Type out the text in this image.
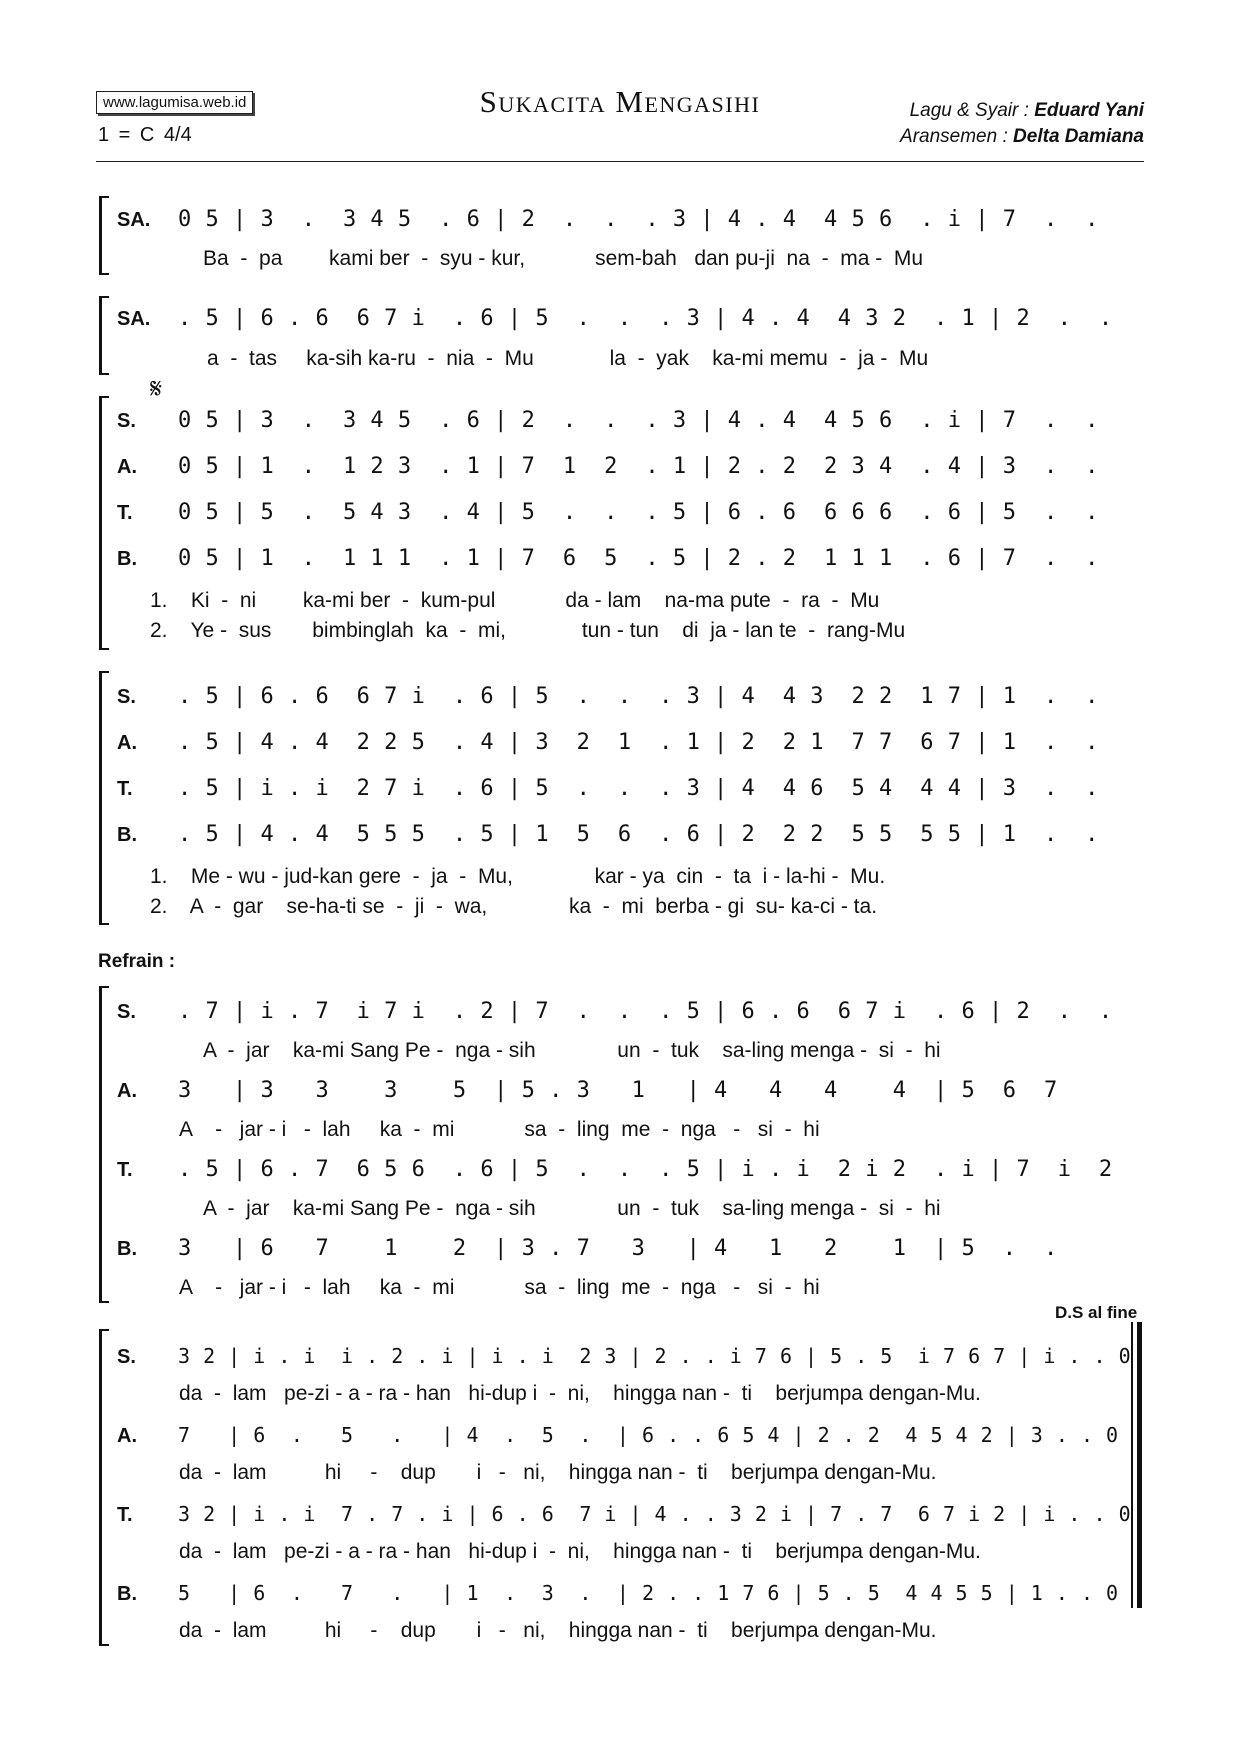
www.lagumisa.web.id
1 = C 4/4
Sukacita Mengasihi	Lagu & Syair : Eduard Yani
Aransemen : Delta Damiana
SA. 0 5 | 3  .  3 4 5  . 6 | 2  .  .  . 3 | 4 . 4  4 5 6  . i | 7  .  .
Ba  -  pa        kami ber  -  syu - kur,            sem-bah   dan pu-ji  na  -  ma -  Mu
SA. . 5 | 6 . 6  6 7 i  . 6 | 5  .  .  . 3 | 4 . 4  4 3 2  . 1 | 2  .  .
a  -  tas     ka-sih ka-ru  -  nia  -  Mu             la  -  yak    ka-mi memu  -  ja -  Mu
𝄋
S. 0 5 | 3  .  3 4 5  . 6 | 2  .  .  . 3 | 4 . 4  4 5 6  . i | 7  .  .
A. 0 5 | 1  .  1 2 3  . 1 | 7  1  2  . 1 | 2 . 2  2 3 4  . 4 | 3  .  .
T. 0 5 | 5  .  5 4 3  . 4 | 5  .  .  . 5 | 6 . 6  6 6 6  . 6 | 5  .  .
B. 0 5 | 1  .  1 1 1  . 1 | 7  6  5  . 5 | 2 . 2  1 1 1  . 6 | 7  .  .
1.    Ki  -  ni        ka-mi ber  -  kum-pul            da - lam    na-ma pute  -  ra  -  Mu
2.    Ye -  sus       bimbinglah  ka  -  mi,             tun - tun    di  ja - lan te  -  rang-Mu
S. . 5 | 6 . 6  6 7 i  . 6 | 5  .  .  . 3 | 4  4 3  2 2  1 7 | 1  .  .
A. . 5 | 4 . 4  2 2 5  . 4 | 3  2  1  . 1 | 2  2 1  7 7  6 7 | 1  .  .
T. . 5 | i . i  2 7 i  . 6 | 5  .  .  . 3 | 4  4 6  5 4  4 4 | 3  .  .
B. . 5 | 4 . 4  5 5 5  . 5 | 1  5  6  . 6 | 2  2 2  5 5  5 5 | 1  .  .
1.    Me - wu - jud-kan gere  -  ja  -  Mu,              kar - ya  cin  -  ta  i - la-hi -  Mu.
2.    A  -  gar    se-ha-ti se  -  ji  -  wa,              ka  -  mi  berba - gi  su- ka-ci - ta.
Refrain :
S. . 7 | i . 7  i 7 i  . 2 | 7  .  .  . 5 | 6 . 6  6 7 i  . 6 | 2  .  .
A  -  jar    ka-mi Sang Pe -  nga - sih              un  -  tuk    sa-ling menga -  si  -  hi
A. 3   | 3   3    3    5  | 5 . 3   1   | 4   4   4    4  | 5  6  7
A    -   jar - i   -  lah     ka  -  mi            sa  -  ling  me  -  nga   -   si  -  hi
T. . 5 | 6 . 7  6 5 6  . 6 | 5  .  .  . 5 | i . i  2 i 2  . i | 7  i  2
A  -  jar    ka-mi Sang Pe -  nga - sih              un  -  tuk    sa-ling menga -  si  -  hi
B. 3   | 6   7    1    2  | 3 . 7   3   | 4   1   2    1  | 5  .  .
A    -   jar - i   -  lah     ka  -  mi            sa  -  ling  me  -  nga   -   si  -  hi
D.S al fine
S. 3 2 | i . i  i . 2 . i | i . i  2 3 | 2 . . i 7 6 | 5 . 5  i 7 6 7 | i . . 0
da  -  lam   pe-zi - a - ra - han   hi-dup i  -  ni,    hingga nan -  ti    berjumpa dengan-Mu.
A. 7   | 6  .   5   .   | 4  .  5  .  | 6 . . 6 5 4 | 2 . 2  4 5 4 2 | 3 . . 0
da  -  lam          hi     -    dup       i   -   ni,    hingga nan -  ti    berjumpa dengan-Mu.
T. 3 2 | i . i  7 . 7 . i | 6 . 6  7 i | 4 . . 3 2 i | 7 . 7  6 7 i 2 | i . . 0
da  -  lam   pe-zi - a - ra - han   hi-dup i  -  ni,    hingga nan -  ti    berjumpa dengan-Mu.
B. 5   | 6  .   7   .   | 1  .  3  .  | 2 . . 1 7 6 | 5 . 5  4 4 5 5 | 1 . . 0
da  -  lam          hi     -    dup       i   -   ni,    hingga nan -  ti    berjumpa dengan-Mu.
